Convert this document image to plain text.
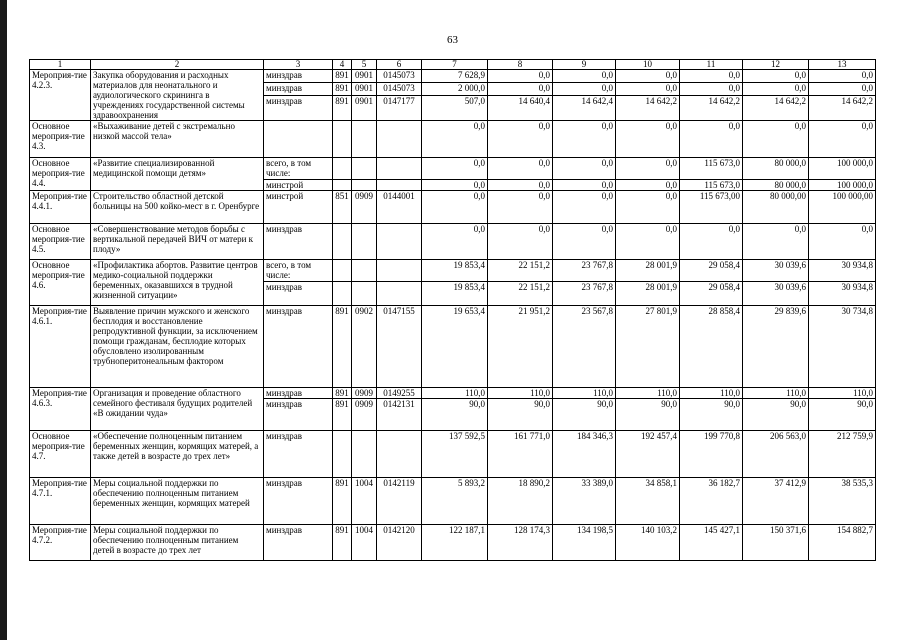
63
1	2	3	4	5	6	7	8	9	10	11	12	13
Мероприя-тие 4.2.3.	Закупка оборудования и расходных материалов для неонатального и аудиологического скрининга в учреждениях государственной системы здравоохранения	минздрав	891	0901	0145073	7 628,9	0,0	0,0	0,0	0,0	0,0	0,0
		минздрав	891	0901	0145073	2 000,0	0,0	0,0	0,0	0,0	0,0	0,0
		минздрав	891	0901	0147177	507,0	14 640,4	14 642,4	14 642,2	14 642,2	14 642,2	14 642,2
Основное мероприя-тие 4.3.	«Выхаживание детей с экстремально низкой массой тела»					0,0	0,0	0,0	0,0	0,0	0,0	0,0
Основное мероприя-тие 4.4.	«Развитие специализированной медицинской помощи детям»	всего, в том числе:				0,0	0,0	0,0	0,0	115 673,0	80 000,0	100 000,0
		минстрой				0,0	0,0	0,0	0,0	115 673,0	80 000,0	100 000,0
Мероприя-тие 4.4.1.	Строительство областной детской больницы на 500 койко-мест в г. Оренбурге	минстрой	851	0909	0144001	0,0	0,0	0,0	0,0	115 673,00	80 000,00	100 000,00
Основное мероприя-тие 4.5.	«Совершенствование методов борьбы с вертикальной передачей ВИЧ от матери к плоду»	минздрав				0,0	0,0	0,0	0,0	0,0	0,0	0,0
Основное мероприя-тие 4.6.	«Профилактика абортов. Развитие центров медико-социальной поддержки беременных, оказавшихся в трудной жизненной ситуации»	всего, в том числе:				19 853,4	22 151,2	23 767,8	28 001,9	29 058,4	30 039,6	30 934,8
		минздрав				19 853,4	22 151,2	23 767,8	28 001,9	29 058,4	30 039,6	30 934,8
Мероприя-тие 4.6.1.	Выявление причин мужского и женского бесплодия и восстановление репродуктивной функции, за исключением помощи гражданам, бесплодие которых обусловлено изолированным трубноперитонеальным фактором	минздрав	891	0902	0147155	19 653,4	21 951,2	23 567,8	27 801,9	28 858,4	29 839,6	30 734,8
Мероприя-тие 4.6.3.	Организация и проведение областного семейного фестиваля будущих родителей «В ожидании чуда»	минздрав	891	0909	0149255	110,0	110,0	110,0	110,0	110,0	110,0	110,0
		минздрав	891	0909	0142131	90,0	90,0	90,0	90,0	90,0	90,0	90,0
Основное мероприя-тие 4.7.	«Обеспечение полноценным питанием беременных женщин, кормящих матерей, а также детей в возрасте до трех лет»	минздрав				137 592,5	161 771,0	184 346,3	192 457,4	199 770,8	206 563,0	212 759,9
Мероприя-тие 4.7.1.	Меры социальной поддержки по обеспечению полноценным питанием беременных женщин, кормящих матерей	минздрав	891	1004	0142119	5 893,2	18 890,2	33 389,0	34 858,1	36 182,7	37 412,9	38 535,3
Мероприя-тие 4.7.2.	Меры социальной поддержки по обеспечению полноценным питанием детей в возрасте до трех лет	минздрав	891	1004	0142120	122 187,1	128 174,3	134 198,5	140 103,2	145 427,1	150 371,6	154 882,7
